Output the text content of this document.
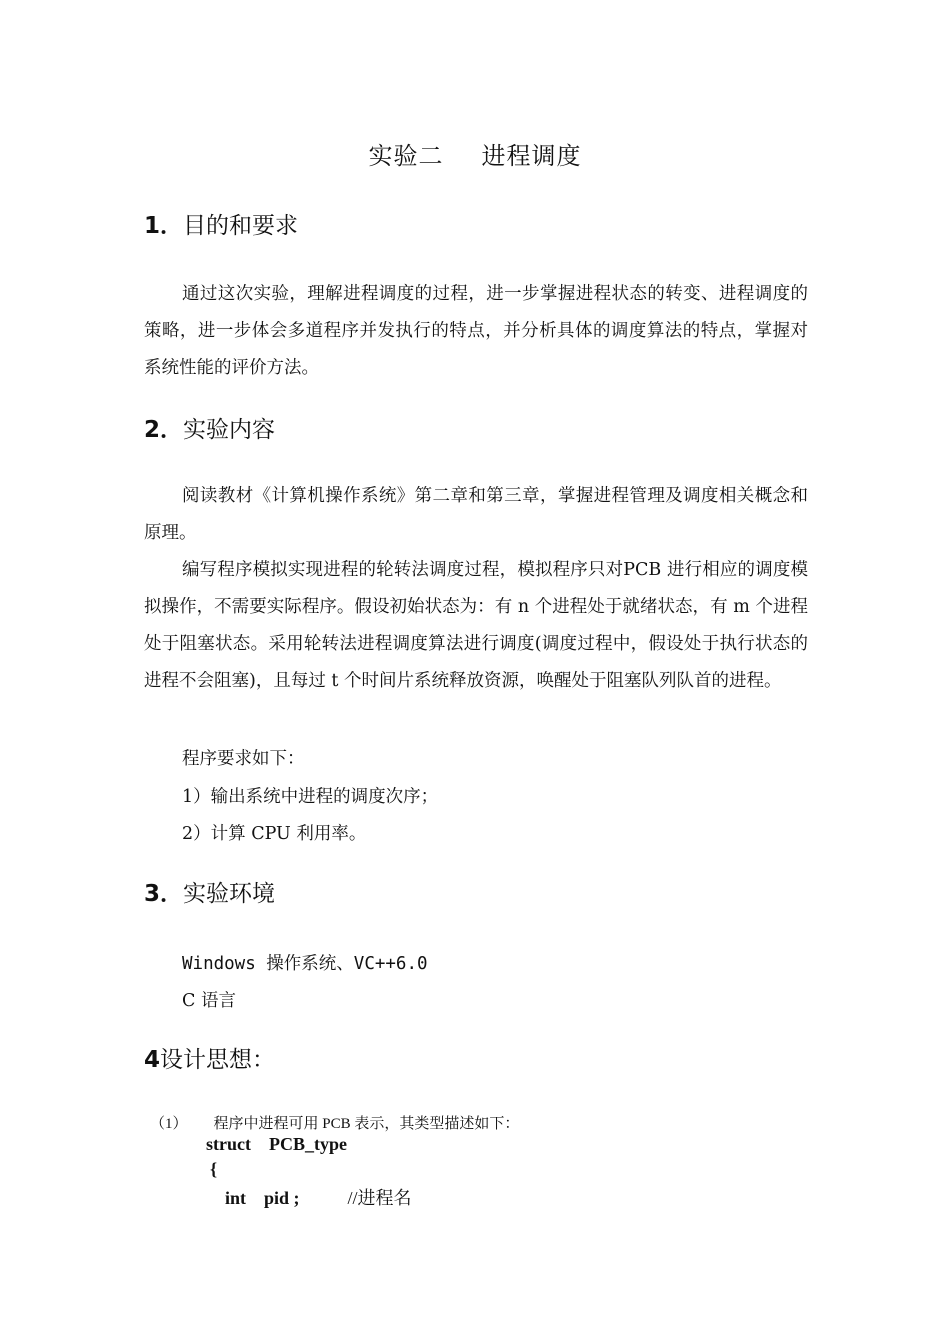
实验二 进程调度
1．目的和要求

通过这次实验，理解进程调度的过程，进一步掌握进程状态的转变、进程调度的策略，进一步体会多道程序并发执行的特点，并分析具体的调度算法的特点，掌握对系统性能的评价方法。

2．实验内容

阅读教材《计算机操作系统》第二章和第三章，掌握进程管理及调度相关概念和原理。

编写程序模拟实现进程的轮转法调度过程，模拟程序只对PCB 进行相应的调度模拟操作，不需要实际程序。假设初始状态为：有 n 个进程处于就绪状态，有 m 个进程处于阻塞状态。采用轮转法进程调度算法进行调度(调度过程中，假设处于执行状态的进程不会阻塞)，且每过 t 个时间片系统释放资源，唤醒处于阻塞队列队首的进程。

程序要求如下：

1）输出系统中进程的调度次序；

2）计算 CPU 利用率。

3．实验环境

Windows 操作系统、VC++6.0

C 语言

4设计思想：
（1） 程序中进程可用 PCB 表示，其类型描述如下：

struct    PCB_type

{

int    pid ;	//进程名
